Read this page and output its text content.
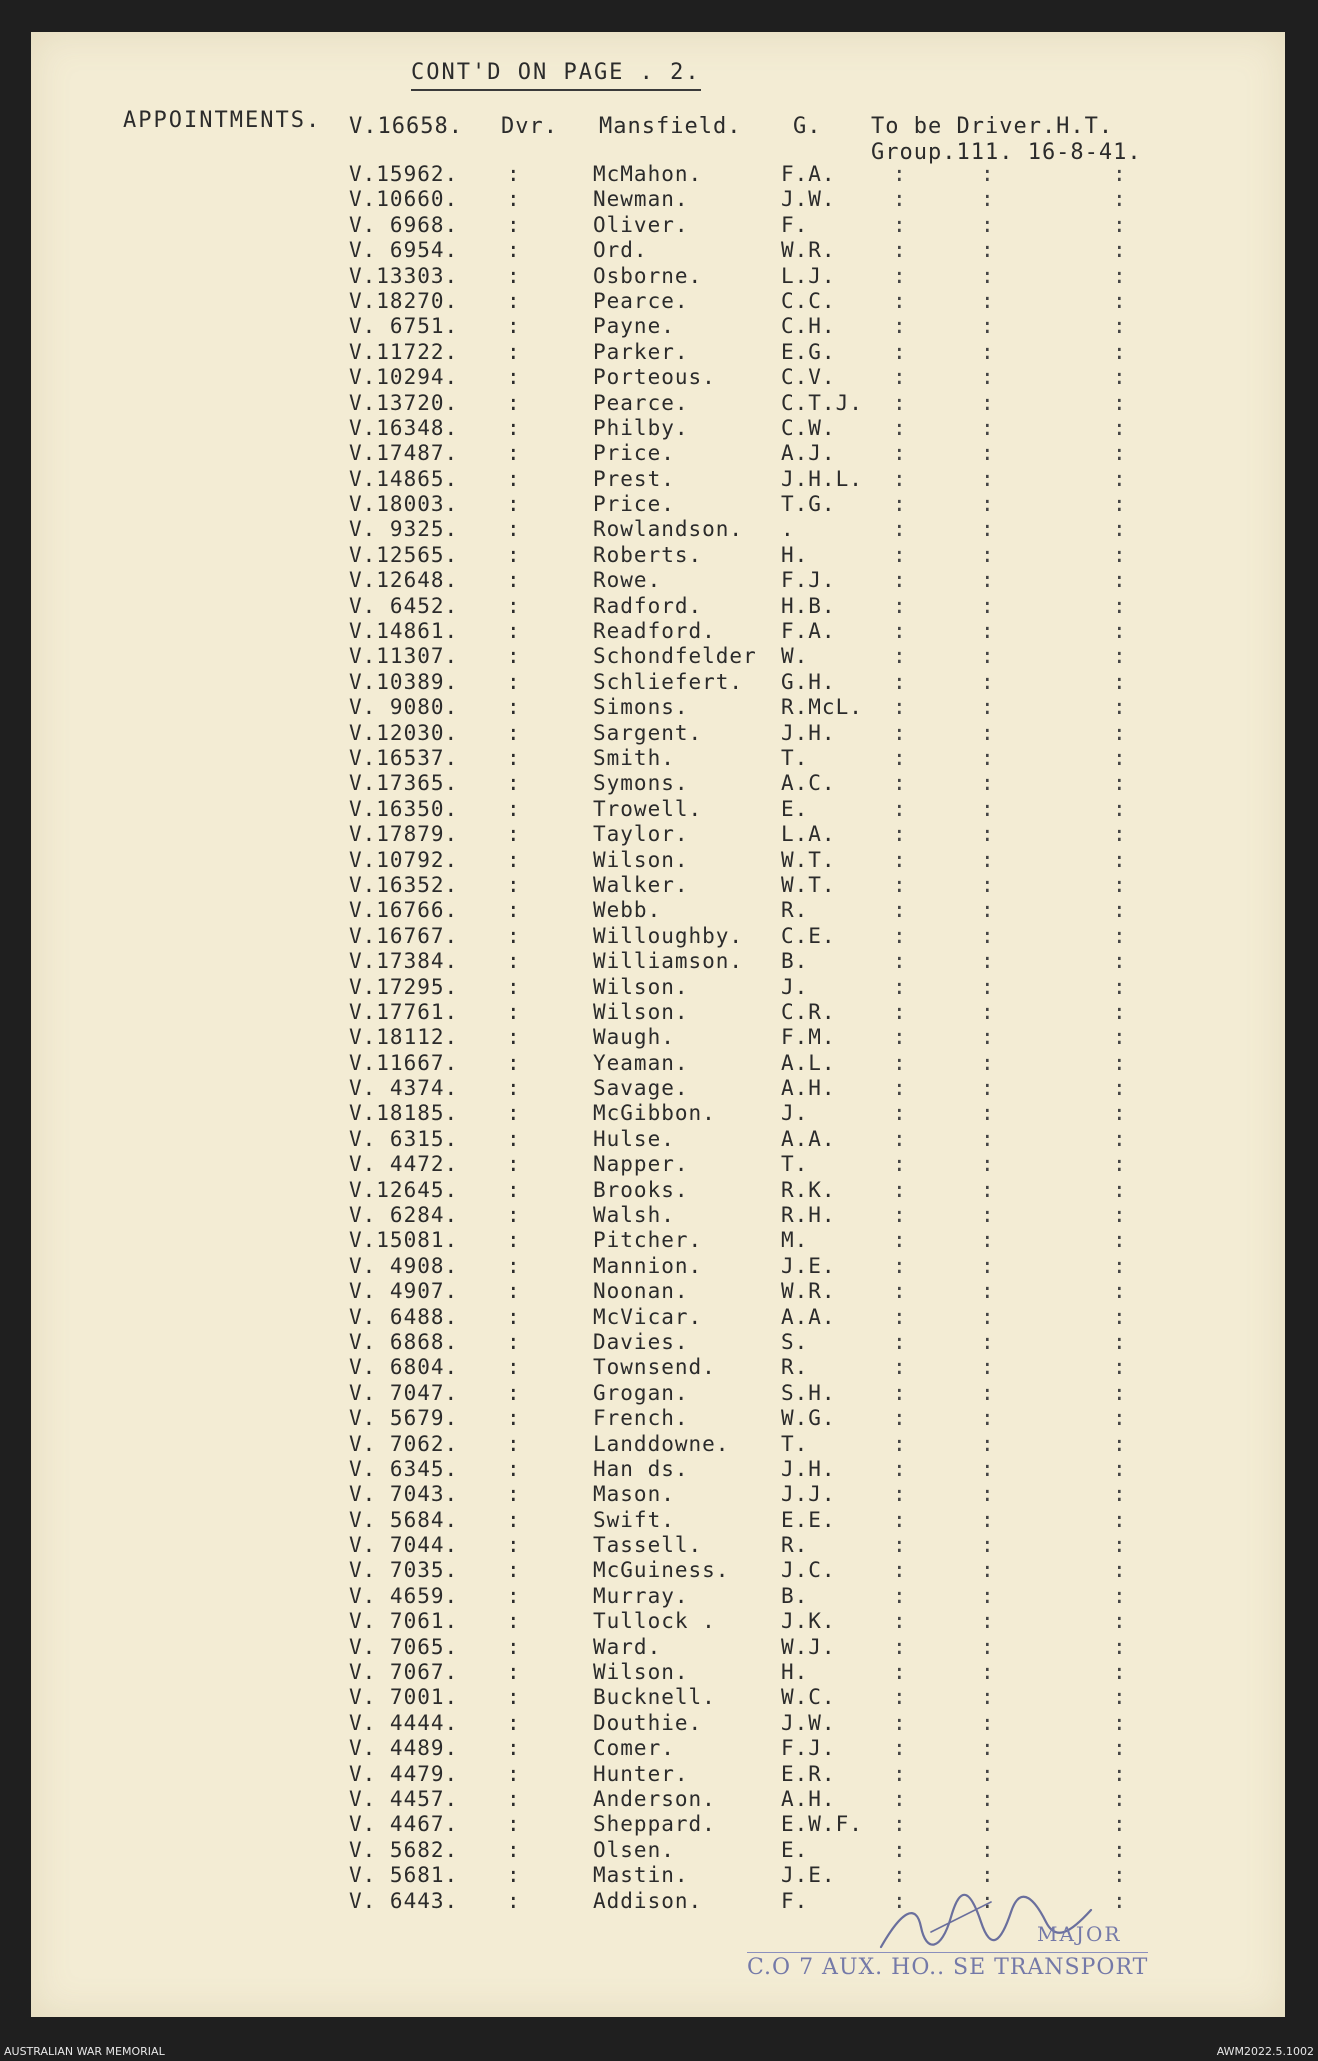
CONT'D ON PAGE . 2.
APPOINTMENTS. V.16658. Dvr. Mansfield. G. To be Driver.H.T.
Group.111. 16-8-41.
V.15962. :	McMahon.	F.A.	:	:	:
V.10660. :	Newman.	J.W.	:	:	:
V. 6968. :	Oliver.	F.	:	:	:
V. 6954. :	Ord.	W.R.	:	:	:
V.13303. :	Osborne.	L.J.	:	:	:
V.18270. :	Pearce.	C.C.	:	:	:
V. 6751. :	Payne.	C.H.	:	:	:
V.11722. :	Parker.	E.G.	:	:	:
V.10294. :	Porteous.	C.V.	:	:	:
V.13720. :	Pearce.	C.T.J. :	:	:
V.16348. :	Philby.	C.W.	:	:	:
V.17487. :	Price.	A.J.	:	:	:
V.14865. :	Prest.	J.H.L. :	:	:
V.18003. :	Price.	T.G.	:	:	:
V. 9325. :	Rowlandson. .	:	:	:
V.12565. :	Roberts.	H.	:	:	:
V.12648. :	Rowe.	F.J.	:	:	:
V. 6452. :	Radford.	H.B.	:	:	:
V.14861. :	Readford.	F.A.	:	:	:
V.11307. :	Schondfelder W.	:	:	:
V.10389. :	Schliefert. G.H.	:	:	:
V. 9080. :	Simons.	R.McL. :	:	:
V.12030. :	Sargent.	J.H.	:	:	:
V.16537. :	Smith.	T.	:	:	:
V.17365. :	Symons.	A.C.	:	:	:
V.16350. :	Trowell.	E.	:	:	:
V.17879. :	Taylor.	L.A.	:	:	:
V.10792. :	Wilson.	W.T.	:	:	:
V.16352. :	Walker.	W.T.	:	:	:
V.16766. :	Webb.	R.	:	:	:
V.16767. :	Willoughby. C.E.	:	:	:
V.17384. :	Williamson. B.	:	:	:
V.17295. :	Wilson.	J.	:	:	:
V.17761. :	Wilson.	C.R.	:	:	:
V.18112. :	Waugh.	F.M.	:	:	:
V.11667. :	Yeaman.	A.L.	:	:	:
V. 4374. :	Savage.	A.H.	:	:	:
V.18185. :	McGibbon.	J.	:	:	:
V. 6315. :	Hulse.	A.A.	:	:	:
V. 4472. :	Napper.	T.	:	:	:
V.12645. :	Brooks.	R.K.	:	:	:
V. 6284. :	Walsh.	R.H.	:	:	:
V.15081. :	Pitcher.	M.	:	:	:
V. 4908. :	Mannion.	J.E.	:	:	:
V. 4907. :	Noonan.	W.R.	:	:	:
V. 6488. :	McVicar.	A.A.	:	:	:
V. 6868. :	Davies.	S.	:	:	:
V. 6804. :	Townsend.	R.	:	:	:
V. 7047. :	Grogan.	S.H.	:	:	:
V. 5679. :	French.	W.G.	:	:	:
V. 7062. :	Landdowne. T.	:	:	:
V. 6345. :	Han ds.	J.H.	:	:	:
V. 7043. :	Mason.	J.J.	:	:	:
V. 5684. :	Swift.	E.E.	:	:	:
V. 7044. :	Tassell.	R.	:	:	:
V. 7035. :	McGuiness. J.C.	:	:	:
V. 4659. :	Murray.	B.	:	:	:
V. 7061. :	Tullock .	J.K.	:	:	:
V. 7065. :	Ward.	W.J.	:	:	:
V. 7067. :	Wilson.	H.	:	:	:
V. 7001. :	Bucknell.	W.C.	:	:	:
V. 4444. :	Douthie.	J.W.	:	:	:
V. 4489. :	Comer.	F.J.	:	:	:
V. 4479. :	Hunter.	E.R.	:	:	:
V. 4457. :	Anderson.	A.H.	:	:	:
V. 4467. :	Sheppard.	E.W.F. :	:	:
V. 5682. :	Olsen.	E.	:	:	:
V. 5681. :	Mastin.	J.E.	:	:	:
V. 6443. :	Addison.	F.	:	:	:
MAJOR
C.O 7 AUX. HO.. SE TRANSPORT
AUSTRALIAN WAR MEMORIAL	AWM2022.5.1002
